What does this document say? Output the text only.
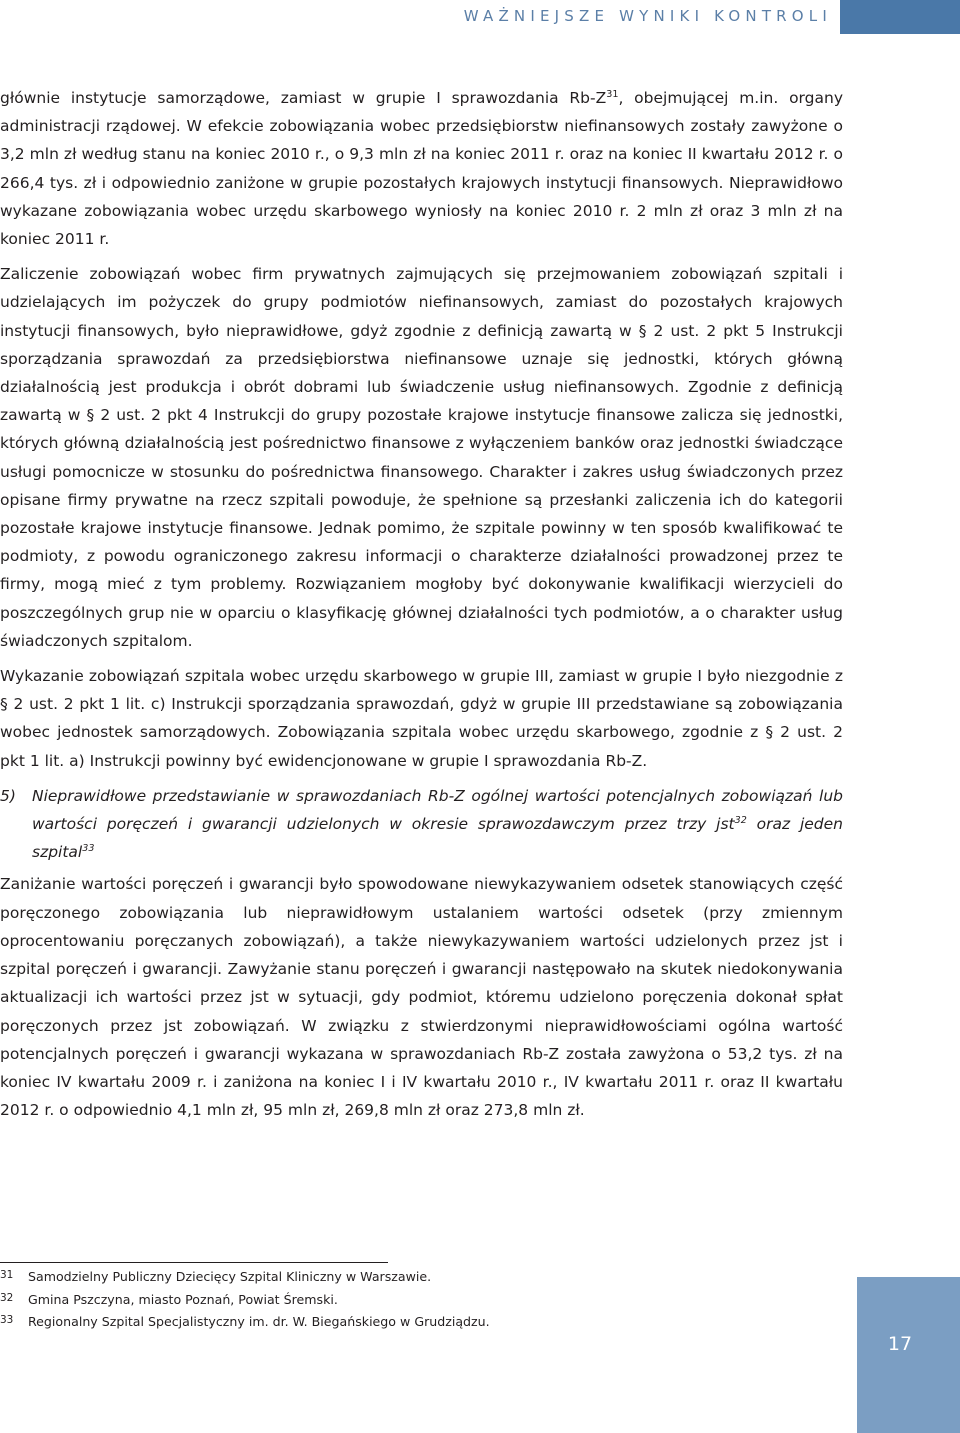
WAŻNIEJSZE WYNIKI KONTROLI

głównie instytucje samorządowe, zamiast w grupie I sprawozdania $Rb-Z^{31}$, obejmującej m.in. organy administracji rządowej. W efekcie zobowiązania wobec przedsiębiorstw niefinansowych zostały zawyżone o 3,2 mln zł według stanu na koniec 2010 r., o 9,3 mln zł na koniec 2011 r. oraz na koniec II kwartału 2012 r. o 266,4 tys. zł i odpowiednio zaniżone w grupie pozostałych krajowych instytucji finansowych. Nieprawidłowo wykazane zobowiązania wobec urzędu skarbowego wyniosły na koniec 2010 r. 2 mln zł oraz 3 mln zł na koniec 2011 r.

Zaliczenie zobowiązań wobec firm prywatnych zajmujących się przejmowaniem zobowiązań szpitali i udzielających im pożyczek do grupy podmiotów niefinansowych, zamiast do pozostałych krajowych instytucji finansowych, było nieprawidłowe, gdyż zgodnie z definicją zawartą w § 2 ust. 2 pkt 5 Instrukcji sporządzania sprawozdań za przedsiębiorstwa niefinansowe uznaje się jednostki, których główną działalnością jest produkcja i obrót dobrami lub świadczenie usług niefinansowych. Zgodnie z definicją zawartą w § 2 ust. 2 pkt 4 Instrukcji do grupy pozostałe krajowe instytucje finansowe zalicza się jednostki, których główną działalnością jest pośrednictwo finansowe z wyłączeniem banków oraz jednostki świadczące usługi pomocnicze w stosunku do pośrednictwa finansowego. Charakter i zakres usług świadczonych przez opisane firmy prywatne na rzecz szpitali powoduje, że spełnione są przesłanki zaliczenia ich do kategorii pozostałe krajowe instytucje finansowe. Jednak pomimo, że szpitale powinny w ten sposób kwalifikować te podmioty, z powodu ograniczonego zakresu informacji o charakterze działalności prowadzonej przez te firmy, mogą mieć z tym problemy. Rozwiązaniem mogłoby być dokonywanie kwalifikacji wierzycieli do poszczególnych grup nie w oparciu o klasyfikację głównej działalności tych podmiotów, a o charakter usług świadczonych szpitalom.

Wykazanie zobowiązań szpitala wobec urzędu skarbowego w grupie III, zamiast w grupie I było niezgodnie z § 2 ust. 2 pkt 1 lit. c) Instrukcji sporządzania sprawozdań, gdyż w grupie III przedstawiane są zobowiązania wobec jednostek samorządowych. Zobowiązania szpitala wobec urzędu skarbowego, zgodnie z § 2 ust. 2 pkt 1 lit. a) Instrukcji powinny być ewidencjonowane w grupie I sprawozdania Rb-Z.

5) Nieprawidłowe przedstawianie w sprawozdaniach Rb-Z ogólnej wartości potencjalnych zobowiązań lub wartości poręczeń i gwarancji udzielonych w okresie sprawozdawczym przez trzy jst$^{32}$ oraz jeden szpital$^{33}$

Zaniżanie wartości poręczeń i gwarancji było spowodowane niewykazywaniem odsetek stanowiących część poręczonego zobowiązania lub nieprawidłowym ustalaniem wartości odsetek (przy zmiennym oprocentowaniu poręczanych zobowiązań), a także niewykazywaniem wartości udzielonych przez jst i szpital poręczeń i gwarancji. Zawyżanie stanu poręczeń i gwarancji następowało na skutek niedokonywania aktualizacji ich wartości przez jst w sytuacji, gdy podmiot, któremu udzielono poręczenia dokonał spłat poręczonych przez jst zobowiązań. W związku z stwierdzonymi nieprawidłowościami ogólna wartość potencjalnych poręczeń i gwarancji wykazana w sprawozdaniach Rb-Z została zawyżona o 53,2 tys. zł na koniec IV kwartału 2009 r. i zaniżona na koniec I i IV kwartału 2010 r., IV kwartału 2011 r. oraz II kwartału 2012 r. o odpowiednio 4,1 mln zł, 95 mln zł, 269,8 mln zł oraz 273,8 mln zł.

31 Samodzielny Publiczny Dziecięcy Szpital Kliniczny w Warszawie.
32 Gmina Pszczyna, miasto Poznań, Powiat Śremski.
33 Regionalny Szpital Specjalistyczny im. dr. W. Biegańskiego w Grudziądzu.
17
